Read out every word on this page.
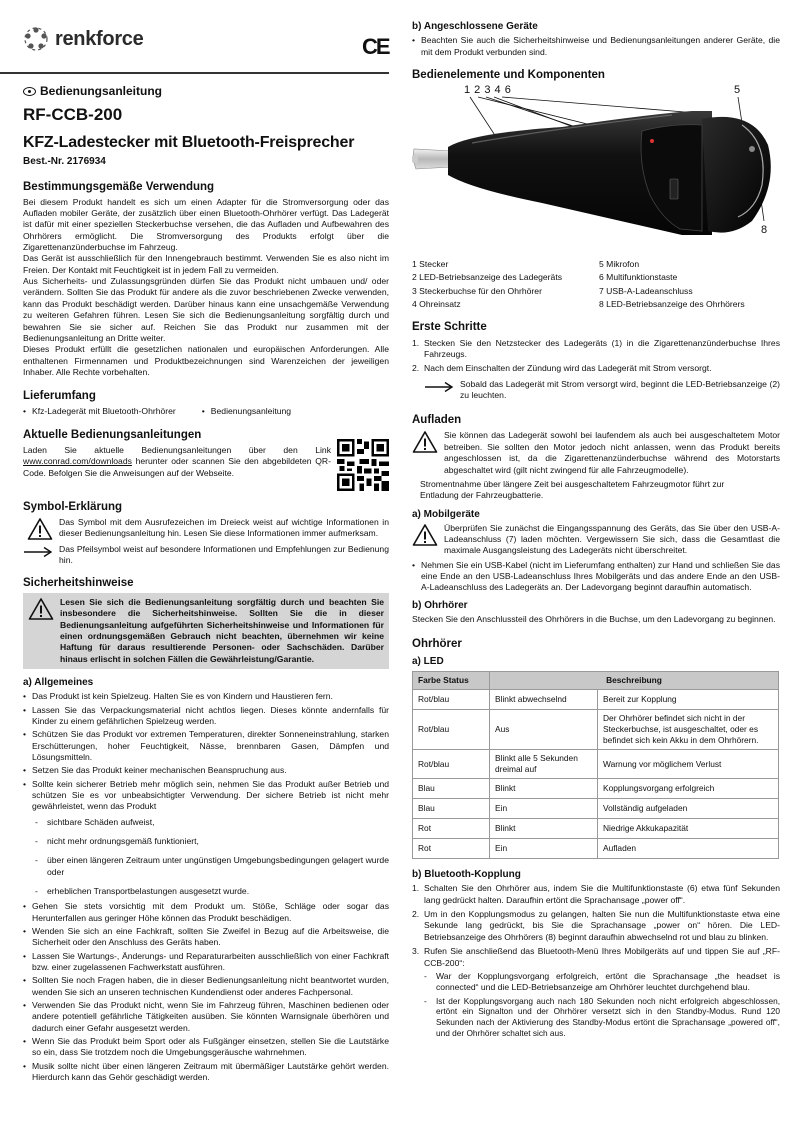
renkforce	CE
Bedienungsanleitung
RF-CCB-200
KFZ-Ladestecker mit Bluetooth-Freisprecher
Best.-Nr. 2176934
Bestimmungsgemäße Verwendung

Bei diesem Produkt handelt es sich um einen Adapter für die Stromversorgung oder das Aufladen mobiler Geräte, der zusätzlich über einen Bluetooth-Ohrhörer verfügt. Das Ladegerät ist dafür mit einer speziellen Steckerbuchse versehen, die das Aufladen und Aufbewahren des Ohrhörers ermöglicht. Die Stromversorgung des Produkts erfolgt über die Zigarettenanzünderbuchse im Fahrzeug.

Das Gerät ist ausschließlich für den Innengebrauch bestimmt. Verwenden Sie es also nicht im Freien. Der Kontakt mit Feuchtigkeit ist in jedem Fall zu vermeiden.

Aus Sicherheits- und Zulassungsgründen dürfen Sie das Produkt nicht umbauen und/ oder verändern. Sollten Sie das Produkt für andere als die zuvor beschriebenen Zwecke verwenden, kann das Produkt beschädigt werden. Darüber hinaus kann eine unsachgemäße Verwendung zu weiteren Gefahren führen. Lesen Sie sich die Bedienungsanleitung sorgfältig durch und bewahren Sie sie sicher auf. Reichen Sie das Produkt nur zusammen mit der Bedienungsanleitung an Dritte weiter.

Dieses Produkt erfüllt die gesetzlichen nationalen und europäischen Anforderungen. Alle enthaltenen Firmennamen und Produktbezeichnungen sind Warenzeichen der jeweiligen Inhaber. Alle Rechte vorbehalten.

Lieferumfang
• Kfz-Ladegerät mit Bluetooth-Ohrhörer	• Bedienungsanleitung
Aktuelle Bedienungsanleitungen

Laden Sie aktuelle Bedienungsanleitungen über den Link www.conrad.com/downloads herunter oder scannen Sie den abgebildeten QR-Code. Befolgen Sie die Anweisungen auf der Webseite.

Symbol-Erklärung

Das Symbol mit dem Ausrufezeichen im Dreieck weist auf wichtige Informationen in dieser Bedienungsanleitung hin. Lesen Sie diese Informationen immer aufmerksam.

Das Pfeilsymbol weist auf besondere Informationen und Empfehlungen zur Bedienung hin.

Sicherheitshinweise

Lesen Sie sich die Bedienungsanleitung sorgfältig durch und beachten Sie insbesondere die Sicherheitshinweise. Sollten Sie die in dieser Bedienungsanleitung aufgeführten Sicherheitshinweise und Informationen für einen ordnungsgemäßen Gebrauch nicht beachten, übernehmen wir keine Haftung für daraus resultierende Personen- oder Sachschäden. Darüber hinaus erlischt in solchen Fällen die Gewährleistung/Garantie.

a) Allgemeines
• Das Produkt ist kein Spielzeug. Halten Sie es von Kindern und Haustieren fern.
• Lassen Sie das Verpackungsmaterial nicht achtlos liegen. Dieses könnte andernfalls für Kinder zu einem gefährlichen Spielzeug werden.
• Schützen Sie das Produkt vor extremen Temperaturen, direkter Sonneneinstrahlung, starken Erschütterungen, hoher Feuchtigkeit, Nässe, brennbaren Gasen, Dämpfen und Lösungsmitteln.
• Setzen Sie das Produkt keiner mechanischen Beanspruchung aus.
• Sollte kein sicherer Betrieb mehr möglich sein, nehmen Sie das Produkt außer Betrieb und schützen Sie es vor unbeabsichtigter Verwendung. Der sichere Betrieb ist nicht mehr gewährleistet, wenn das Produkt
- sichtbare Schäden aufweist,
- nicht mehr ordnungsgemäß funktioniert,
- über einen längeren Zeitraum unter ungünstigen Umgebungsbedingungen gelagert wurde oder
- erheblichen Transportbelastungen ausgesetzt wurde.
• Gehen Sie stets vorsichtig mit dem Produkt um. Stöße, Schläge oder sogar das Herunterfallen aus geringer Höhe können das Produkt beschädigen.
• Wenden Sie sich an eine Fachkraft, sollten Sie Zweifel in Bezug auf die Arbeitsweise, die Sicherheit oder den Anschluss des Geräts haben.
• Lassen Sie Wartungs-, Änderungs- und Reparaturarbeiten ausschließlich von einer Fachkraft bzw. einer zugelassenen Fachwerkstatt ausführen.
• Sollten Sie noch Fragen haben, die in dieser Bedienungsanleitung nicht beantwortet wurden, wenden Sie sich an unseren technischen Kundendienst oder anderes Fachpersonal.
• Verwenden Sie das Produkt nicht, wenn Sie im Fahrzeug führen, Maschinen bedienen oder andere potentiell gefährliche Tätigkeiten ausüben. Sie könnten Warnsignale überhören und dadurch einer Gefahr ausgesetzt werden.
• Wenn Sie das Produkt beim Sport oder als Fußgänger einsetzen, stellen Sie die Lautstärke so ein, dass Sie trotzdem noch die Umgebungsgeräusche wahrnehmen.
• Musik sollte nicht über einen längeren Zeitraum mit übermäßiger Lautstärke gehört werden. Hierdurch kann das Gehör geschädigt werden.
b) Angeschlossene Geräte
• Beachten Sie auch die Sicherheitshinweise und Bedienungsanleitungen anderer Geräte, die mit dem Produkt verbunden sind.
Bedienelemente und Komponenten
1 2 3 4 6	5
8
1 Stecker	5 Mikrofon
2 LED-Betriebsanzeige des Ladegeräts	6 Multifunktionstaste
3 Steckerbuchse für den Ohrhörer	7 USB-A-Ladeanschluss
4 Ohreinsatz	8 LED-Betriebsanzeige des Ohrhörers
Erste Schritte
1. Stecken Sie den Netzstecker des Ladegeräts (1) in die Zigarettenanzünderbuchse Ihres Fahrzeugs.
2. Nach dem Einschalten der Zündung wird das Ladegerät mit Strom versorgt.

Sobald das Ladegerät mit Strom versorgt wird, beginnt die LED-Betriebsanzeige (2) zu leuchten.

Aufladen

Sie können das Ladegerät sowohl bei laufendem als auch bei ausgeschaltetem Motor betreiben. Sie sollten den Motor jedoch nicht anlassen, wenn das Produkt bereits angeschlossen ist, da die Zigarettenanzünderbuchse während des Motorstarts abgeschaltet wird (gilt nicht zwingend für alle Fahrzeugmodelle).

Stromentnahme über längere Zeit bei ausgeschaltetem Fahrzeugmotor führt zur Entladung der Fahrzeugbatterie.

a) Mobilgeräte

Überprüfen Sie zunächst die Eingangsspannung des Geräts, das Sie über den USB-A-Ladeanschluss (7) laden möchten. Vergewissern Sie sich, dass die Gesamtlast die maximale Ausgangsleistung des Ladegeräts nicht überschreitet.

• Nehmen Sie ein USB-Kabel (nicht im Lieferumfang enthalten) zur Hand und schließen Sie das eine Ende an den USB-Ladeanschluss Ihres Mobilgeräts und das andere Ende an den USB-A-Ladeanschluss des Ladegeräts an. Der Ladevorgang beginnt daraufhin automatisch.
b) Ohrhörer

Stecken Sie den Anschlussteil des Ohrhörers in die Buchse, um den Ladevorgang zu beginnen.

Ohrhörer
a) LED
Farbe Status	Beschreibung	
Rot/blau	Blinkt abwechselnd	Bereit zur Kopplung
Rot/blau	Aus	Der Ohrhörer befindet sich nicht in der Steckerbuchse, ist ausgeschaltet, oder es befindet sich kein Akku in dem Ohrhörern.
Rot/blau	Blinkt alle 5 Sekunden dreimal auf	Warnung vor möglichem Verlust
Blau	Blinkt	Kopplungsvorgang erfolgreich
Blau	Ein	Vollständig aufgeladen
Rot	Blinkt	Niedrige Akkukapazität
Rot	Ein	Aufladen
b) Bluetooth-Kopplung
1. Schalten Sie den Ohrhörer aus, indem Sie die Multifunktionstaste (6) etwa fünf Sekunden lang gedrückt halten. Daraufhin ertönt die Sprachansage „power off“.
2. Um in den Kopplungsmodus zu gelangen, halten Sie nun die Multifunktionstaste etwa eine Sekunde lang gedrückt, bis Sie die Sprachansage „power on“ hören. Die LED-Betriebsanzeige des Ohrhörers (8) beginnt daraufhin abwechselnd rot und blau zu blinken.
3. Rufen Sie anschließend das Bluetooth-Menü Ihres Mobilgeräts auf und tippen Sie auf „RF-CCB-200“:
- War der Kopplungsvorgang erfolgreich, ertönt die Sprachansage „the headset is connected“ und die LED-Betriebsanzeige am Ohrhörer leuchtet durchgehend blau.
- Ist der Kopplungsvorgang auch nach 180 Sekunden noch nicht erfolgreich abgeschlossen, ertönt ein Signalton und der Ohrhörer versetzt sich in den Standby-Modus. Rund 120 Sekunden nach der Aktivierung des Standby-Modus ertönt die Sprachansage „powered off“, und der Ohrhörer schaltet sich aus.
